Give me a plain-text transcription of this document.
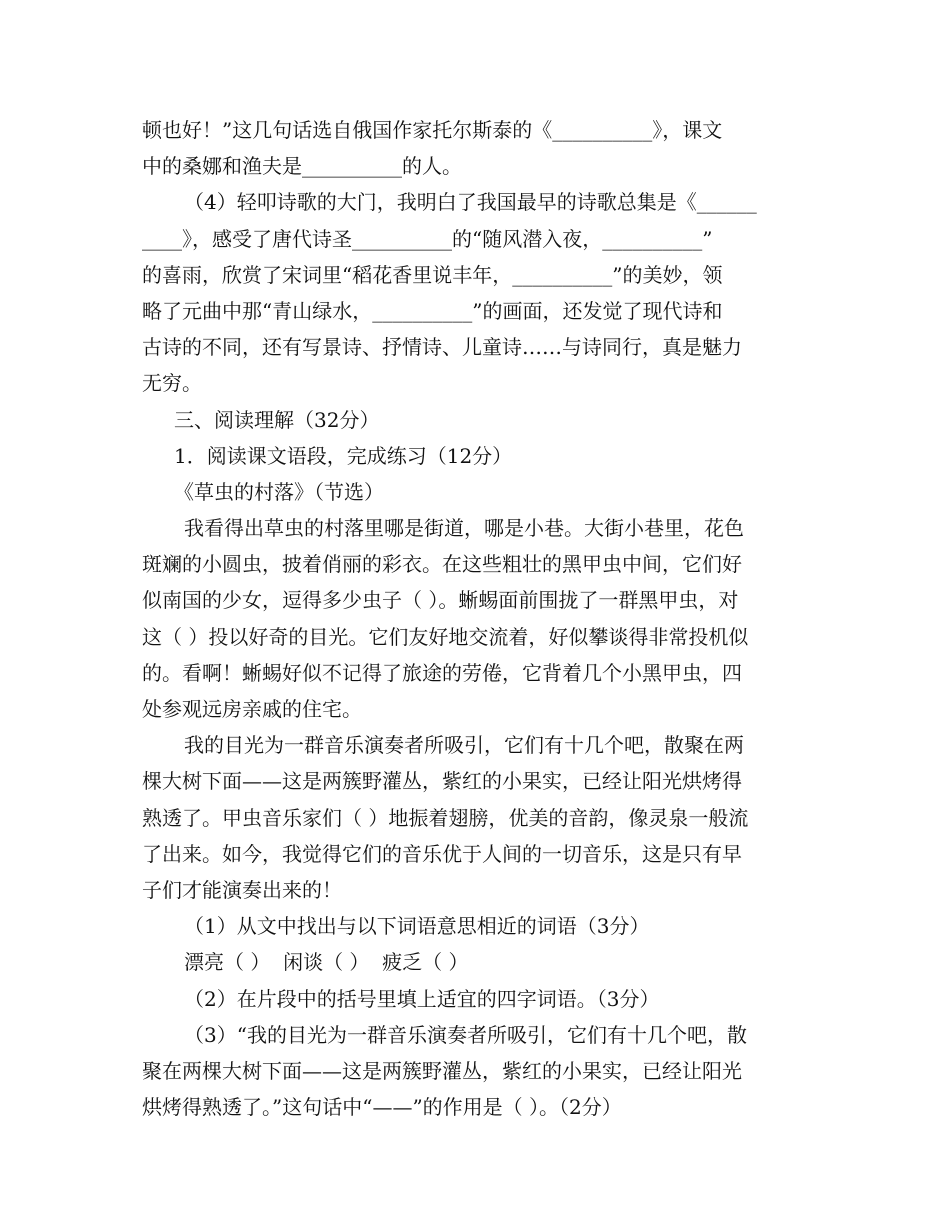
顿也好！”这几句话选自俄国作家托尔斯泰的《__________》，课文
中的桑娜和渔夫是__________的人。
（4）轻叩诗歌的大门，我明白了我国最早的诗歌总集是《______
____》，感受了唐代诗圣__________的“随风潜入夜，__________”
的喜雨，欣赏了宋词里“稻花香里说丰年，__________”的美妙，领
略了元曲中那“青山绿水，__________”的画面，还发觉了现代诗和
古诗的不同，还有写景诗、抒情诗、儿童诗……与诗同行，真是魅力
无穷。
三、阅读理解（32分）
1．阅读课文语段，完成练习（12分）
《草虫的村落》（节选）
我看得出草虫的村落里哪是街道，哪是小巷。大街小巷里，花色
斑斓的小圆虫，披着俏丽的彩衣。在这些粗壮的黑甲虫中间，它们好
似南国的少女，逗得多少虫子（ ）。蜥蜴面前围拢了一群黑甲虫，对
这（ ）投以好奇的目光。它们友好地交流着，好似攀谈得非常投机似
的。看啊！蜥蜴好似不记得了旅途的劳倦，它背着几个小黑甲虫，四
处参观远房亲戚的住宅。
我的目光为一群音乐演奏者所吸引，它们有十几个吧，散聚在两
棵大树下面——这是两簇野灌丛，紫红的小果实，已经让阳光烘烤得
熟透了。甲虫音乐家们（ ）地振着翅膀，优美的音韵，像灵泉一般流
了出来。如今，我觉得它们的音乐优于人间的一切音乐，这是只有早
子们才能演奏出来的！
（1）从文中找出与以下词语意思相近的词语（3分）
漂亮（ ）  闲谈（ ）  疲乏（ ）
（2）在片段中的括号里填上适宜的四字词语。（3分）
（3）“我的目光为一群音乐演奏者所吸引，它们有十几个吧，散
聚在两棵大树下面——这是两簇野灌丛，紫红的小果实，已经让阳光
烘烤得熟透了。”这句话中“——”的作用是（ ）。（2分）
